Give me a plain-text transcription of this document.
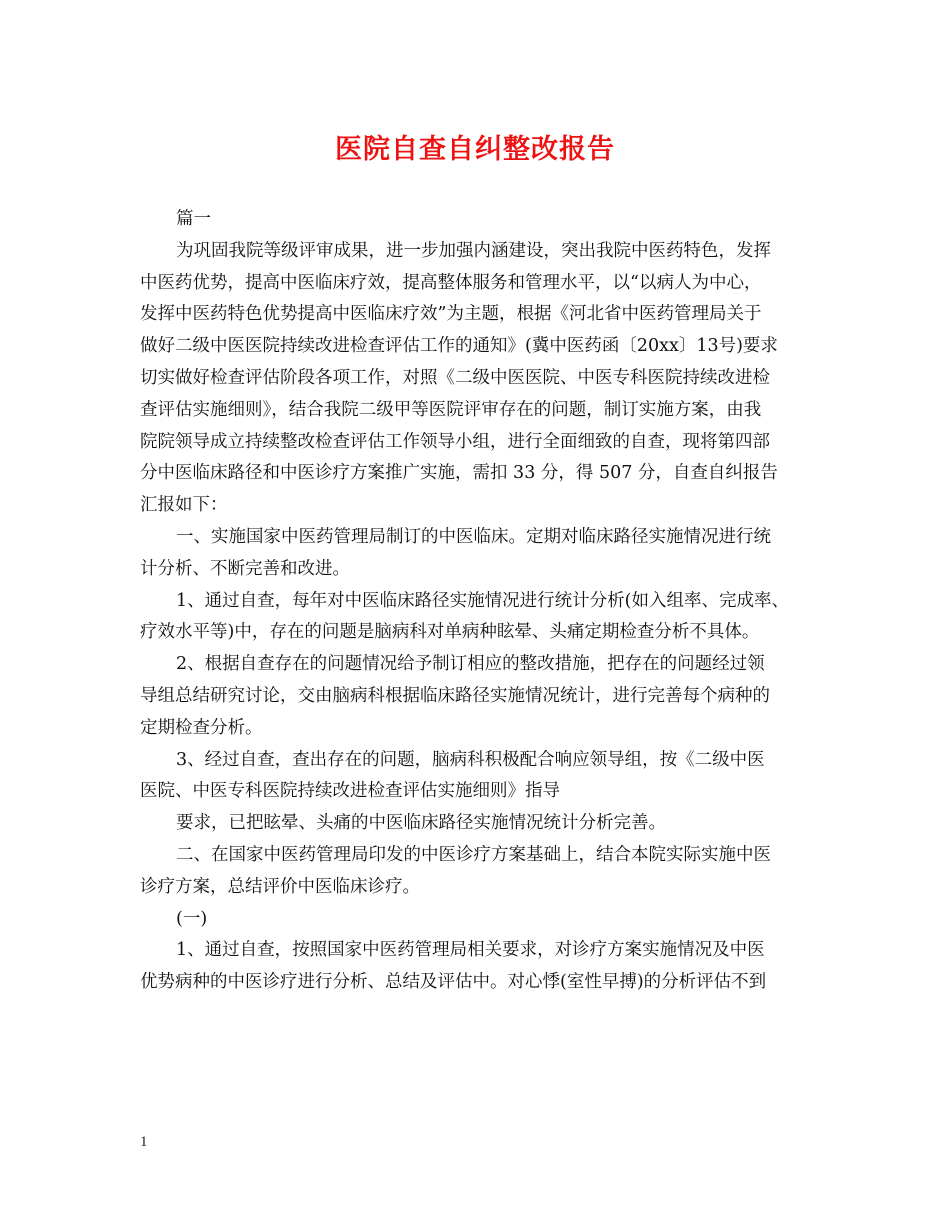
医院自查自纠整改报告
篇一
为巩固我院等级评审成果，进一步加强内涵建设，突出我院中医药特色，发挥
中医药优势，提高中医临床疗效，提高整体服务和管理水平，以“以病人为中心，
发挥中医药特色优势提高中医临床疗效”为主题，根据《河北省中医药管理局关于
做好二级中医医院持续改进检查评估工作的通知》(冀中医药函〔20xx〕13号)要求
切实做好检查评估阶段各项工作，对照《二级中医医院、中医专科医院持续改进检
查评估实施细则》，结合我院二级甲等医院评审存在的问题，制订实施方案，由我
院院领导成立持续整改检查评估工作领导小组，进行全面细致的自查，现将第四部
分中医临床路径和中医诊疗方案推广实施，需扣 33 分，得 507 分，自查自纠报告
汇报如下：
一、实施国家中医药管理局制订的中医临床。定期对临床路径实施情况进行统
计分析、不断完善和改进。
1、通过自查，每年对中医临床路径实施情况进行统计分析(如入组率、完成率、
疗效水平等)中，存在的问题是脑病科对单病种眩晕、头痛定期检查分析不具体。
2、根据自查存在的问题情况给予制订相应的整改措施，把存在的问题经过领
导组总结研究讨论，交由脑病科根据临床路径实施情况统计，进行完善每个病种的
定期检查分析。
3、经过自查，查出存在的问题，脑病科积极配合响应领导组，按《二级中医
医院、中医专科医院持续改进检查评估实施细则》指导
要求，已把眩晕、头痛的中医临床路径实施情况统计分析完善。
二、在国家中医药管理局印发的中医诊疗方案基础上，结合本院实际实施中医
诊疗方案，总结评价中医临床诊疗。
(一)
1、通过自查，按照国家中医药管理局相关要求，对诊疗方案实施情况及中医
优势病种的中医诊疗进行分析、总结及评估中。对心悸(室性早搏)的分析评估不到
1
